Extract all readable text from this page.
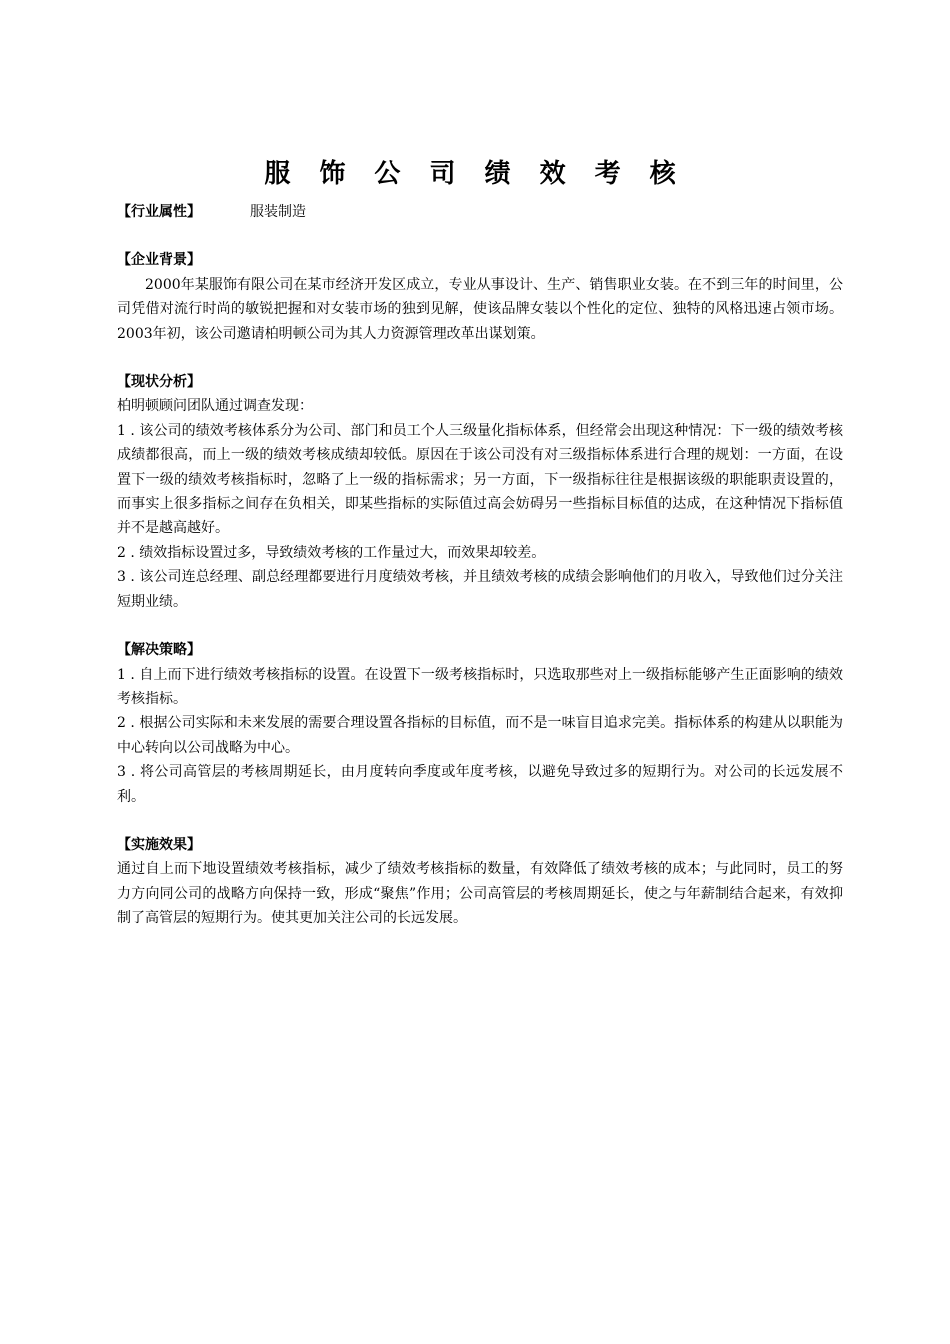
服 饰 公 司 绩 效 考 核
【行业属性】	服装制造
【企业背景】

2000年某服饰有限公司在某市经济开发区成立，专业从事设计、生产、销售职业女装。在不到三年的时间里，公司凭借对流行时尚的敏锐把握和对女装市场的独到见解，使该品牌女装以个性化的定位、独特的风格迅速占领市场。2003年初，该公司邀请柏明顿公司为其人力资源管理改革出谋划策。

【现状分析】

柏明顿顾问团队通过调查发现：

1 . 该公司的绩效考核体系分为公司、部门和员工个人三级量化指标体系，但经常会出现这种情况：下一级的绩效考核成绩都很高，而上一级的绩效考核成绩却较低。原因在于该公司没有对三级指标体系进行合理的规划：一方面，在设置下一级的绩效考核指标时，忽略了上一级的指标需求；另一方面，下一级指标往往是根据该级的职能职责设置的，而事实上很多指标之间存在负相关，即某些指标的实际值过高会妨碍另一些指标目标值的达成，在这种情况下指标值并不是越高越好。

2 . 绩效指标设置过多，导致绩效考核的工作量过大，而效果却较差。

3 . 该公司连总经理、副总经理都要进行月度绩效考核，并且绩效考核的成绩会影响他们的月收入，导致他们过分关注短期业绩。

【解决策略】

1 . 自上而下进行绩效考核指标的设置。在设置下一级考核指标时，只选取那些对上一级指标能够产生正面影响的绩效考核指标。

2 . 根据公司实际和未来发展的需要合理设置各指标的目标值，而不是一味盲目追求完美。指标体系的构建从以职能为中心转向以公司战略为中心。

3 . 将公司高管层的考核周期延长，由月度转向季度或年度考核，以避免导致过多的短期行为。对公司的长远发展不利。

【实施效果】

通过自上而下地设置绩效考核指标，减少了绩效考核指标的数量，有效降低了绩效考核的成本；与此同时，员工的努力方向同公司的战略方向保持一致，形成“聚焦”作用；公司高管层的考核周期延长，使之与年薪制结合起来，有效抑制了高管层的短期行为。使其更加关注公司的长远发展。
